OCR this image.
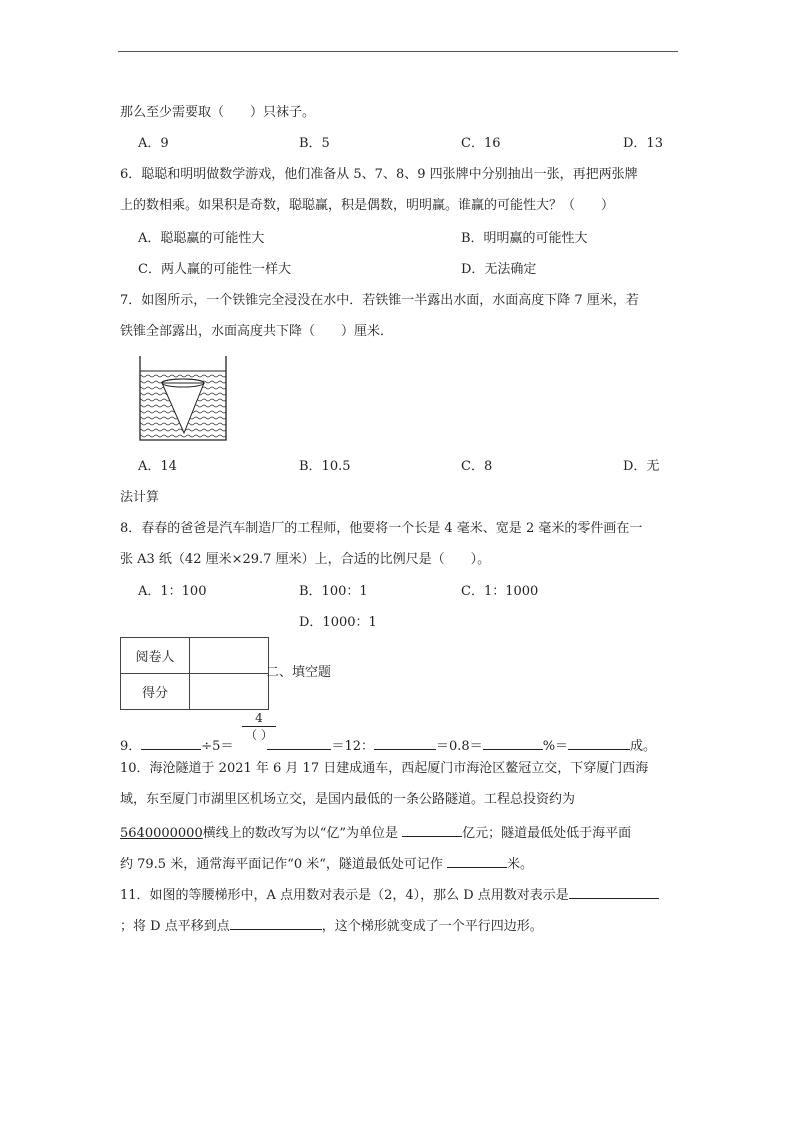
那么至少需要取（　　）只袜子。
A．9	B．5	C．16	D．13
6．聪聪和明明做数学游戏，他们准备从 5、7、8、9 四张牌中分别抽出一张，再把两张牌
上的数相乘。如果积是奇数，聪聪赢，积是偶数，明明赢。谁赢的可能性大？（　　）
A．聪聪赢的可能性大	B．明明赢的可能性大
C．两人赢的可能性一样大	D．无法确定
7．如图所示，一个铁锥完全浸没在水中．若铁锥一半露出水面，水面高度下降 7 厘米，若
铁锥全部露出，水面高度共下降（　　）厘米．
A．14	B．10.5	C．8	D．无
法计算
8．春春的爸爸是汽车制造厂的工程师，他要将一个长是 4 毫米、宽是 2 毫米的零件画在一
张 A3 纸（42 厘米×29.7 厘米）上，合适的比例尺是（　　）。
A．1：100	B．100：1	C．1：1000
D．1000：1
阅卷人	
得分	
二、填空题
4
（ ）
9．	÷5＝	＝12：	＝0.8＝	%＝	成。
10．海沧隧道于 2021 年 6 月 17 日建成通车，西起厦门市海沧区鳌冠立交，下穿厦门西海
域，东至厦门市湖里区机场立交，是国内最低的一条公路隧道。工程总投资约为
5640000000横线上的数改写为以“亿”为单位是	亿元；隧道最低处低于海平面
约 79.5 米，通常海平面记作“0 米“，隧道最低处可记作	米。
11．如图的等腰梯形中，A 点用数对表示是（2，4），那么 D 点用数对表示是
；将 D 点平移到点	，这个梯形就变成了一个平行四边形。
